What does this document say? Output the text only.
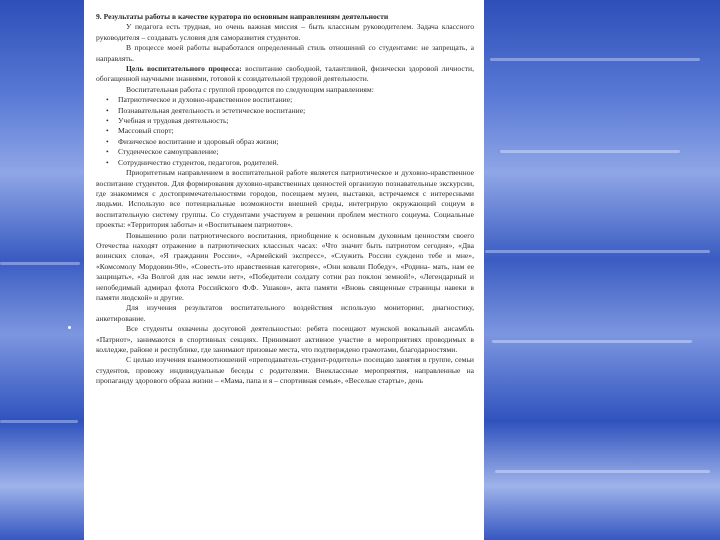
9. Результаты работы в качестве куратора по основным направлениям деятельности

У педагога есть трудная, но очень важная миссия – быть классным руководителем. Задача классного руководителя – создавать условия для саморазвития студентов.

В процессе моей работы выработался определенный стиль отношений со студентами: не запрещать, а направлять.

Цель воспитательного процесса: воспитание свободной, талантливой, физически здоровой личности, обогащенной научными знаниями, готовой к созидательной трудовой деятельности.

Воспитательная работа с группой проводится по следующим направлениям:

• Патриотическое и духовно-нравственное воспитание;
• Познавательная деятельность и эстетическое воспитание;
• Учебная и трудовая деятельность;
• Массовый спорт;
• Физическое воспитание и здоровый образ жизни;
• Студенческое самоуправление;
• Сотрудничество студентов, педагогов, родителей.

Приоритетным направлением в воспитательной работе является патриотическое и духовно-нравственное воспитание студентов. Для формирования духовно-нравственных ценностей организую познавательные экскурсии, где знакомимся с достопримечательностями городов, посещаем музеи, выставки, встречаемся с интересными людьми. Использую все потенциальные возможности внешней среды, интегрирую окружающий социум в воспитательную систему группы. Со студентами участвуем в решении проблем местного социума. Социальные проекты: «Территория заботы» и «Воспитываем патриотов».

Повышению роли патриотического воспитания, приобщение к основным духовным ценностям своего Отечества находят отражение в патриотических классных часах: «Что значит быть патриотом сегодня», «Два воинских слова», «Я гражданин России», «Армейский экспресс», «Служить России суждено тебе и мне», «Комсомолу Мордовии-90», «Совесть-это нравственная категория», «Они ковали Победу», «Родина- мать, нам ее защищать», «За Волгой для нас земли нет», «Победители солдату сотни раз поклон земной!», «Легендарный и непобедимый адмирал флота Российского Ф.Ф. Ушаков», акта памяти «Вновь священные страницы навеки в памяти людской» и другие.

Для изучения результатов воспитательного воздействия использую мониторинг, диагностику, анкетирование.

Все студенты охвачены досуговой деятельностью: ребята посещают мужской вокальный ансамбль «Патриот», занимаются в спортивных секциях. Принимают активное участие в мероприятиях проводимых в колледже, районе и республике, где занимают призовые места, что подтверждено грамотами, благодарностями.

С целью изучения взаимоотношений «преподаватель-студент-родитель» посещаю занятия в группе, семьи студентов, провожу индивидуальные беседы с родителями. Внеклассные мероприятия, направленные на пропаганду здорового образа жизни – «Мама, папа и я – спортивная семья», «Веселые старты», день
